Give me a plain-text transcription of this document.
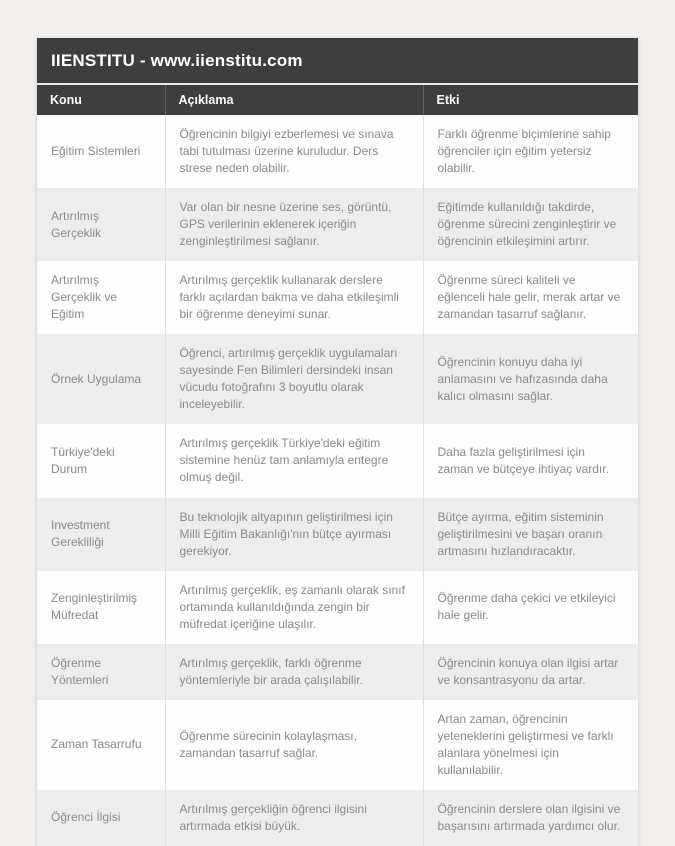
IIENSTITU - www.iienstitu.com
Konu	Açıklama	Etki
Eğitim Sistemleri	Öğrencinin bilgiyi ezberlemesi ve sınava tabi tutulması üzerine kuruludur. Ders strese neden olabilir.	Farklı öğrenme biçimlerine sahip öğrenciler için eğitim yetersiz olabilir.
Artırılmış Gerçeklik	Var olan bir nesne üzerine ses, görüntü, GPS verilerinin eklenerek içeriğin zenginleştirilmesi sağlanır.	Eğitimde kullanıldığı takdirde, öğrenme sürecini zenginleştirir ve öğrencinin etkileşimini artırır.
Artırılmış Gerçeklik ve Eğitim	Artırılmış gerçeklik kullanarak derslere farklı açılardan bakma ve daha etkileşimli bir öğrenme deneyimi sunar.	Öğrenme süreci kaliteli ve eğlenceli hale gelir, merak artar ve zamandan tasarruf sağlanır.
Örnek Uygulama	Öğrenci, artırılmış gerçeklik uygulamaları sayesinde Fen Bilimleri dersindeki insan vücudu fotoğrafını 3 boyutlu olarak inceleyebilir.	Öğrencinin konuyu daha iyi anlamasını ve hafızasında daha kalıcı olmasını sağlar.
Türkiye'deki Durum	Artırılmış gerçeklik Türkiye'deki eğitim sistemine henüz tam anlamıyla entegre olmuş değil.	Daha fazla geliştirilmesi için zaman ve bütçeye ihtiyaç vardır.
Investment Gerekliliği	Bu teknolojik altyapının geliştirilmesi için Milli Eğitim Bakanlığı'nın bütçe ayırması gerekiyor.	Bütçe ayırma, eğitim sisteminin geliştirilmesini ve başarı oranın artmasını hızlandıracaktır.
Zenginleştirilmiş Müfredat	Artırılmış gerçeklik, eş zamanlı olarak sınıf ortamında kullanıldığında zengin bir müfredat içeriğine ulaşılır.	Öğrenme daha çekici ve etkileyici hale gelir.
Öğrenme Yöntemleri	Artırılmış gerçeklik, farklı öğrenme yöntemleriyle bir arada çalışılabilir.	Öğrencinin konuya olan ilgisi artar ve konsantrasyonu da artar.
Zaman Tasarrufu	Öğrenme sürecinin kolaylaşması, zamandan tasarruf sağlar.	Artan zaman, öğrencinin yeteneklerini geliştirmesi ve farklı alanlara yönelmesi için kullanılabilir.
Öğrenci İlgisi	Artırılmış gerçekliğin öğrenci ilgisini artırmada etkisi büyük.	Öğrencinin derslere olan ilgisini ve başarısını artırmada yardımcı olur.
